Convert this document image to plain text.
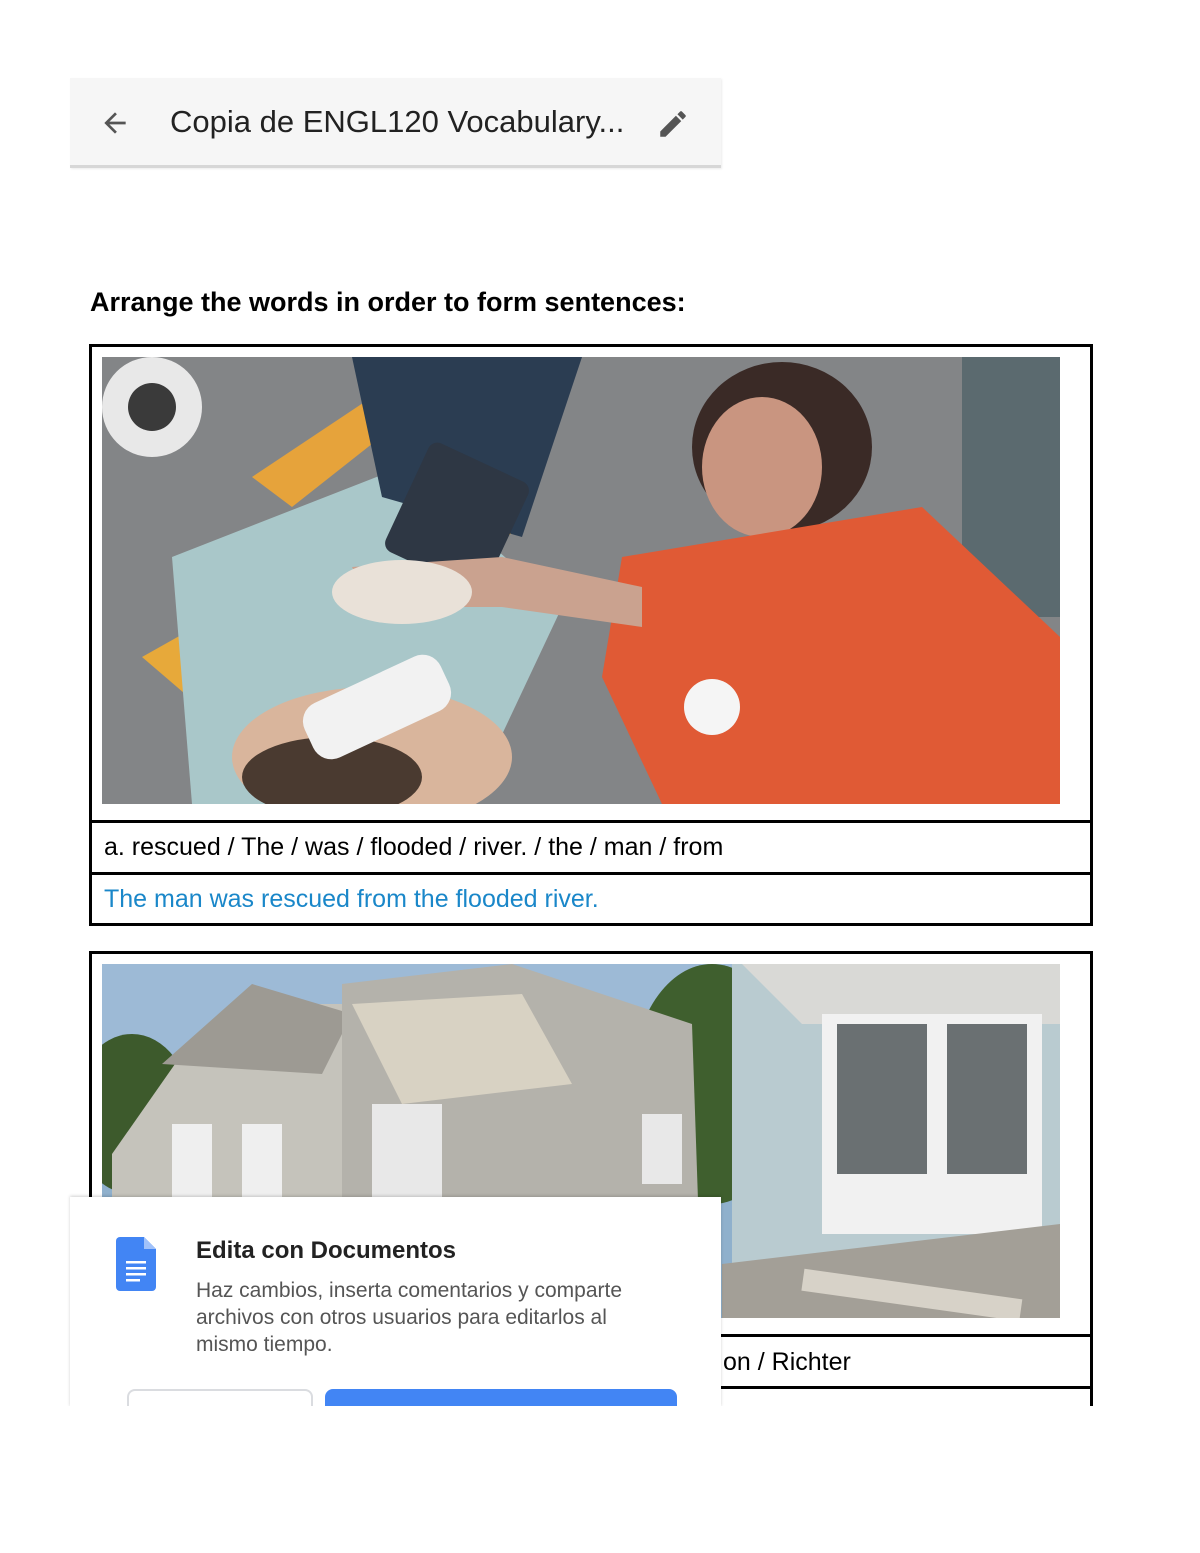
Copia de ENGL120 Vocabulary...
Arrange the words in order to form sentences:
a. rescued / The / was / flooded / river. / the / man / from
The man was rescued from the flooded river.
on / Richter
Edita con Documentos
Haz cambios, inserta comentarios y comparte archivos con otros usuarios para editarlos al mismo tiempo.
